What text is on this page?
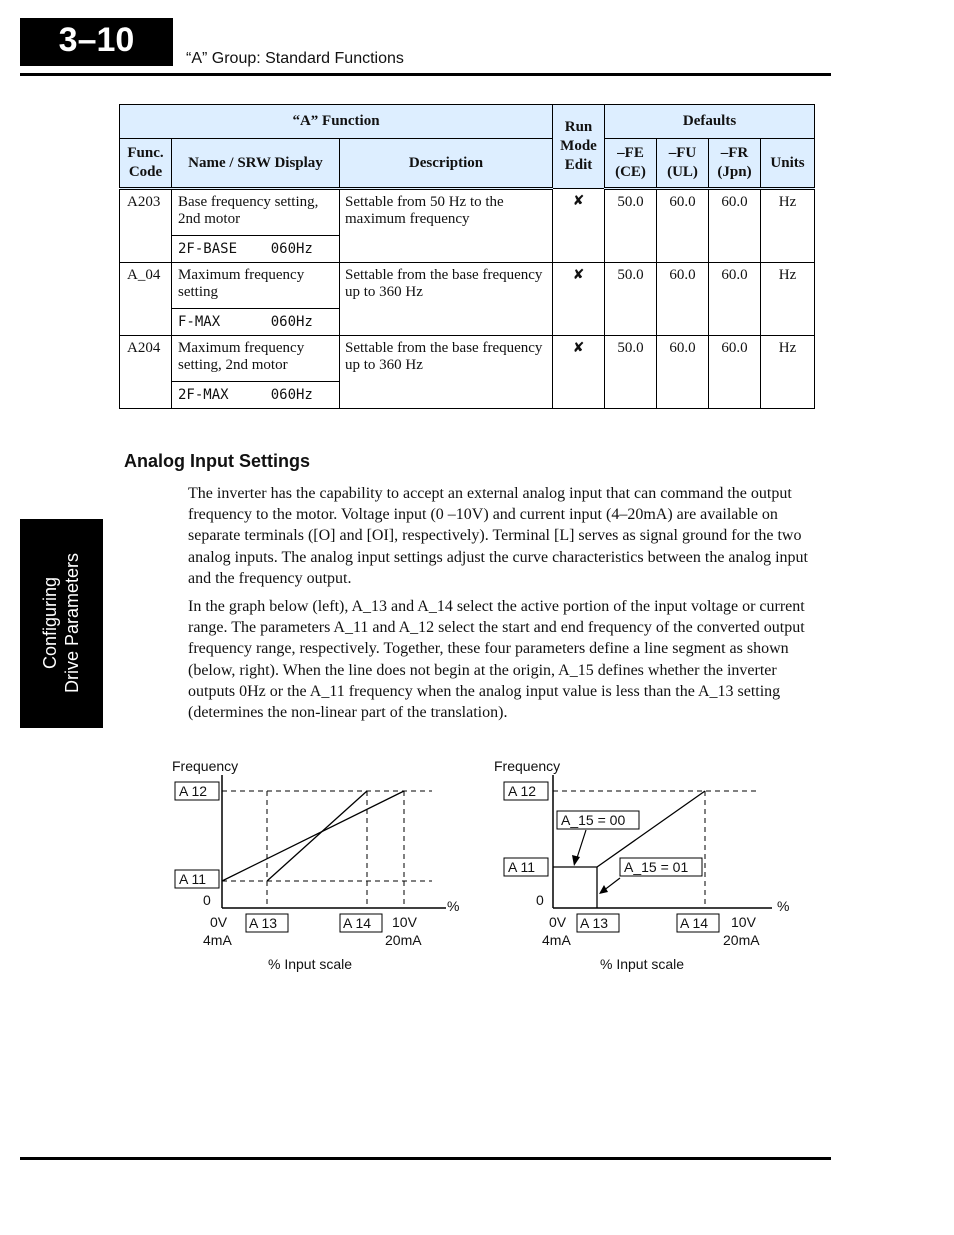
3–10	“A” Group: Standard Functions
Configuring Drive Parameters
“A” Function			Run Mode Edit	Defaults			
Func. Code	Name / SRW Display	Description		–FE (CE)	–FU (UL)	–FR (Jpn)	Units
A203	Base frequency setting, 2nd motor	Settable from 50 Hz to the maximum frequency	✘	50.0	60.0	60.0	Hz
	2F-BASE    060Hz						
A_04	Maximum frequency setting	Settable from the base frequency up to 360 Hz	✘	50.0	60.0	60.0	Hz
	F-MAX      060Hz						
A204	Maximum frequency setting, 2nd motor	Settable from the base frequency up to 360 Hz	✘	50.0	60.0	60.0	Hz
	2F-MAX     060Hz						
Analog Input Settings

The inverter has the capability to accept an external analog input that can command the output frequency to the motor. Voltage input (0 –10V) and current input (4–20mA) are available on separate terminals ([O] and [OI], respectively). Terminal [L] serves as signal ground for the two analog inputs. The analog input settings adjust the curve characteristics between the analog input and the frequency output.

In the graph below (left), A_13 and A_14 select the active portion of the input voltage or current range. The parameters A_11 and A_12 select the start and end frequency of the converted output frequency range, respectively. Together, these four parameters define a line segment as shown (below, right). When the line does not begin at the origin, A_15 defines whether the inverter outputs 0Hz or the A_11 frequency when the analog input value is less than the A_13 setting (determines the non-linear part of the translation).

Frequency
A 12
A 11
0	%
0V
4mA
A 13	A 14 10V
20mA
% Input scale
Frequency
A 12
A 11
A_15 = 00
A_15 = 01
0	%
0V
4mA
A 13	A 14 10V
20mA
% Input scale
